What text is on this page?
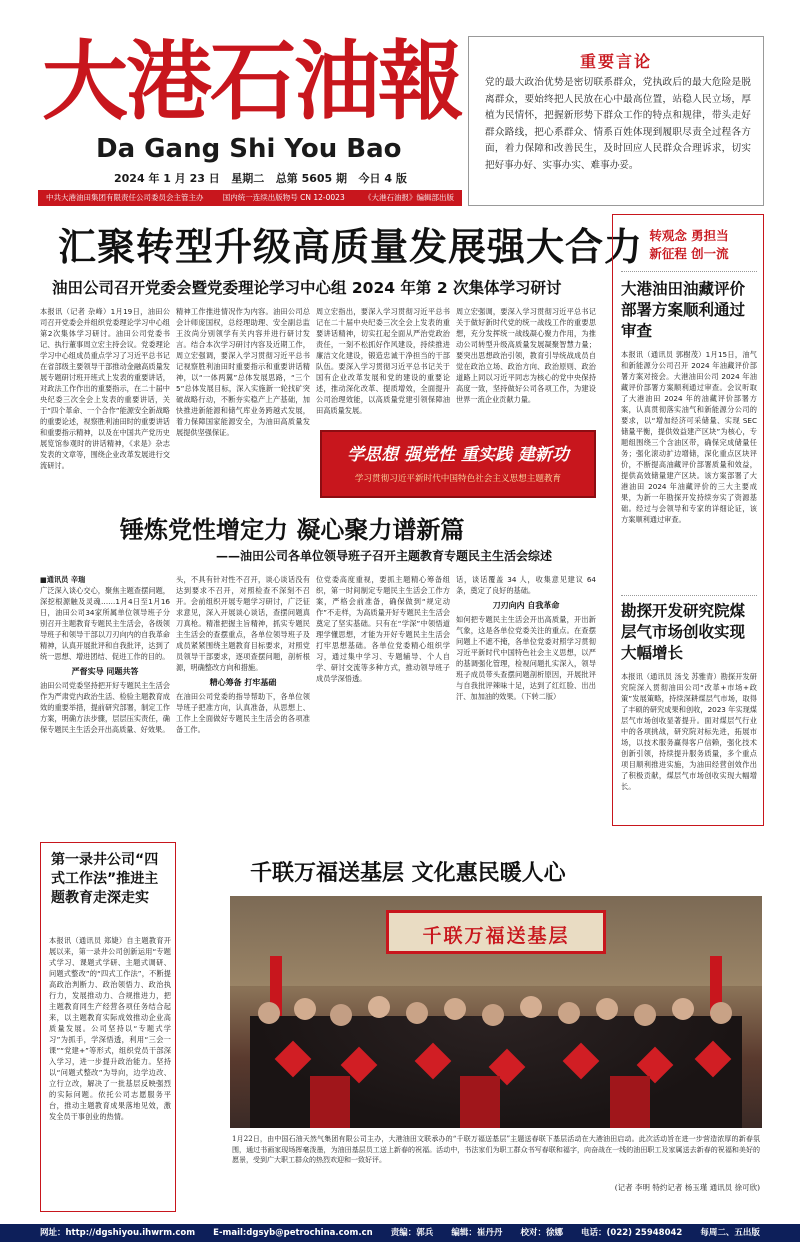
大港石油報
Da Gang Shi You Bao
2024 年 1 月 23 日 星期二 总第 5605 期 今日 4 版
中共大港油田集团有限责任公司委员会主管主办	国内统一连续出版物号 CN 12-0023	《大港石油报》编辑部出版
重要言论
党的最大政治优势是密切联系群众，党执政后的最大危险是脱离群众，要始终把人民放在心中最高位置，站稳人民立场，厚植为民情怀，把握新形势下群众工作的特点和规律，带头走好群众路线，把心系群众、情系百姓体现到履职尽责全过程各方面，着力保障和改善民生，及时回应人民群众合理诉求，切实把好事办好、实事办实、难事办妥。
汇聚转型升级高质量发展强大合力
油田公司召开党委会暨党委理论学习中心组 2024 年第 2 次集体学习研讨
本报讯（记者 杂峰）1月19日，油田公司召开党委会并组织党委理论学习中心组第2次集体学习研讨。油田公司党委书记、执行董事周立宏主持会议。党委理论学习中心组成员重点学习了习近平总书记在省部级主要领导干部推动金融高质量发展专题研讨班开班式上发表的重要讲话，对政法工作作出的重要指示，在二十届中央纪委三次全会上发表的重要讲话，关于“四个革命、一个合作”能源安全新战略的重要论述，视察胜利油田时的重要讲话和重要指示精神，以及在中国共产党历史展览馆参观时的讲话精神，《求是》杂志发表的文章等，围绕企业改革发展进行交流研讨。
精神工作推进情况作为内容。油田公司总会计师庞国权，总经理助理、安全副总监王汝尚分别领学有关内容并进行研讨发言。结合本次学习研讨内容及近期工作，周立宏强调，要深入学习贯彻习近平总书记视察胜利油田时重要指示和重要讲话精神，以“一体两翼”总体发展思路，“三个5”总体发展目标，深入实施新一轮找矿突破战略行动，不断夯实稳产上产基础，加快推进新能源和储气库业务跨越式发展，着力保障国家能源安全，为油田高质量发展提供坚强保证。
周立宏指出，要深入学习贯彻习近平总书记在二十届中央纪委三次全会上发表的重要讲话精神，切实扛起全面从严治党政治责任，一刻不松抓好作风建设，持续推进廉洁文化建设，锻造忠诚干净担当的干部队伍。要深入学习贯彻习近平总书记关于国有企业改革发展和党的建设的重要论述，推动深化改革、提质增效，全面提升公司治理效能，以高质量党建引领保障油田高质量发展。
周立宏强调，要深入学习贯彻习近平总书记关于做好新时代党的统一战线工作的重要思想，充分发挥统一战线凝心聚力作用，为推动公司转型升级高质量发展凝聚智慧力量；要突出思想政治引领，教育引导统战成员自觉在政治立场、政治方向、政治原则、政治道路上同以习近平同志为核心的党中央保持高度一致，坚持做好公司各项工作，为建设世界一流企业贡献力量。
学思想 强党性 重实践 建新功
学习贯彻习近平新时代中国特色社会主义思想主题教育
锤炼党性增定力 凝心聚力谱新篇
——油田公司各单位领导班子召开主题教育专题民主生活会综述
■通讯员 辛瑞
广泛深入谈心交心，聚焦主题查摆问题，深挖根源触及灵魂……1月4日至1月16日，油田公司34家所属单位领导班子分别召开主题教育专题民主生活会，各级领导班子和领导干部以刀刃向内的自我革命精神，认真开展批评和自我批评，达到了统一思想、增进团结、促进工作的目的。
严督实导 同题共答
油田公司党委坚持把开好专题民主生活会作为严肃党内政治生活、检验主题教育成效的重要举措，提前研究部署，制定工作方案，明确方法步骤，层层压实责任，确保专题民主生活会开出高质量、好效果。
头，不具有针对性不召开，谈心谈话没有达到要求不召开，对照检查不深刻不召开。会前组织开展专题学习研讨，广泛征求意见，深入开展谈心谈话，查摆问题真刀真枪。精准把握主旨精神，抓实专题民主生活会的查摆重点，各单位领导班子及成员紧紧围绕主题教育目标要求，对照党员领导干部要求，逐项查摆问题，剖析根源，明确整改方向和措施。
精心筹备 打牢基础
在油田公司党委的指导帮助下，各单位领导班子把准方向，认真准备，从思想上、工作上全面做好专题民主生活会的各项准备工作。
位党委高度重视，要抓主题精心筹备组织，第一时间制定专题民主生活会工作方案，严格会前准备，确保做到“规定动作”不走样，为高质量开好专题民主生活会奠定了坚实基础。只有在“学深”中领悟道理学懂思想，才能为开好专题民主生活会打牢思想基础。各单位党委精心组织学习，通过集中学习、专题辅导、个人自学、研讨交流等多种方式，推动领导班子成员学深悟透。
话，谈话覆盖 34 人，收集意见建议 64 条，奠定了良好的基础。
刀刃向内 自我革命
如何把专题民主生活会开出高质量，开出新气象，这是各单位党委关注的重点。在查摆问题上不遮不掩，各单位党委对照学习贯彻习近平新时代中国特色社会主义思想，以严的基调强化管理，检视问题扎实深入，领导班子成员带头查摆问题剖析原因，开展批评与自我批评辣味十足，达到了红红脸、出出汗、加加油的效果。（下转二版）
转观念 勇担当
新征程 创一流
大港油田油藏评价部署方案顺利通过审查
本报讯（通讯员 郭樹茂）1月15日，油气和新能源分公司召开 2024 年油藏评价部署方案对接会。大港油田公司 2024 年油藏评价部署方案顺利通过审查。会议听取了大港油田 2024 年的油藏评价部署方案，认真贯彻落实油气和新能源分公司的要求，以“增加经济可采储量、实现 SEC 储量平衡，提供效益建产区块”为核心，专题组围绕三个含油区带，确保完成储量任务；强化滚动扩边增储，深化重点区块评价，不断提高油藏评价部署质量和效益，提供高效储量建产区块。该方案部署了大港油田 2024 年油藏评价的三大主要成果，为新一年勘探开发持续夯实了资源基础。经过与会领导和专家的详细论证，该方案顺利通过审查。
勘探开发研究院煤层气市场创收实现大幅增长
本报讯（通讯员 汤戈 苏雅青）勘探开发研究院深入贯彻油田公司“改革+市场+政策”发展策略，持续深耕煤层气市场，取得了丰硕的研究成果和创收，2023 年实现煤层气市场创收显著提升。面对煤层气行业中的各项挑战，研究院对标先进，拓展市场，以技术服务赢得客户信赖，强化技术创新引领，持续提升服务质量，多个重点项目顺利推进实施，为油田经营创效作出了积极贡献，煤层气市场创收实现大幅增长。
第一录井公司“四式工作法”推进主题教育走深走实
本报讯（通讯员 郑婕）自主题教育开展以来，第一录井公司创新运用“专题式学习、课题式学研、主题式调研、问题式整改”的“四式工作法”，不断提高政治判断力、政治领悟力、政治执行力，发展推动力、合规推进力，把主题教育同生产经营各项任务结合起来，以主题教育实际成效推动企业高质量发展。公司坚持以“专题式学习”为抓手，学深悟透，利用“三会一课”“党建+”等形式，组织党员干部深入学习，进一步提升政治能力。坚持以“问题式整改”为导向，边学边改、立行立改，解决了一批基层反映强烈的实际问题。依托公司志愿服务平台，推动主题教育成果落地见效，激发全员干事创业的热情。
千联万福送基层 文化惠民暖人心
千联万福送基层
1月22日，由中国石油天然气集团有限公司主办，大港油田文联承办的“千联万福送基层”主题送春联下基层活动在大港油田启动。此次活动旨在进一步营造浓厚的新春氛围，通过书画家现场挥毫泼墨，为油田基层员工送上新春的祝福。活动中，书法家们为职工群众书写春联和福字，向奋战在一线的油田职工及家属送去新春的祝福和美好的愿景，受到广大职工群众的热烈欢迎和一致好评。
(记者 李明 特约记者 杨玉瑾 通讯员 徐可欣)
网址：http://dgshiyou.ihwrm.com E-mail:dgsyb@petrochina.com.cn 责编：郭兵 编辑：崔丹丹 校对：徐娜 电话：(022) 25948042 每周二、五出版
